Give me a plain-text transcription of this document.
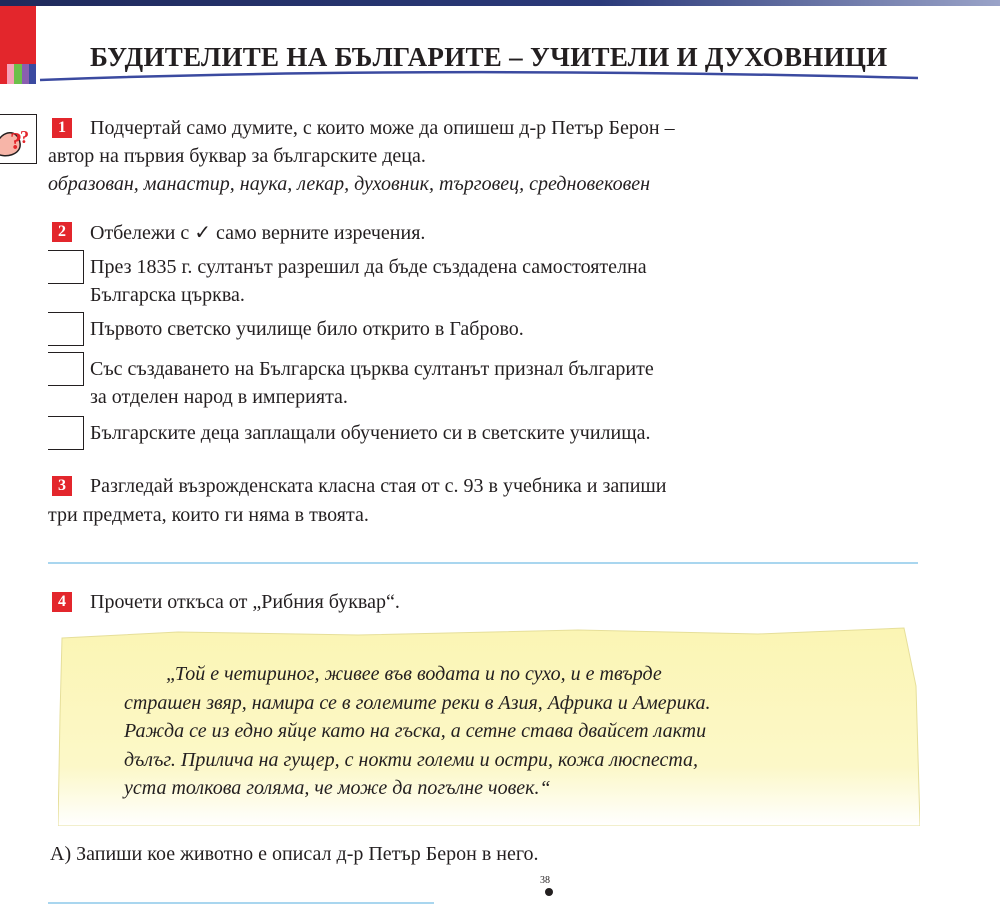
БУДИТЕЛИТЕ НА БЪЛГАРИТЕ – УЧИТЕЛИ И ДУХОВНИЦИ
?
?	1	Подчертай само думите, с които може да опишеш д-р Петър Берон –
автор на първия буквар за българските деца.
образован, манастир, наука, лекар, духовник, търговец, средновековен
2	Отбележи с ✓ само верните изречения.
През 1835 г. султанът разрешил да бъде създадена самостоятелна
Българска църква.
Първото светско училище било открито в Габрово.
Със създаването на Българска църква султанът признал българите
за отделен народ в империята.
Българските деца заплащали обучението си в светските училища.
3	Разгледай възрожденската класна стая от с. 93 в учебника и запиши
три предмета, които ги няма в твоята.
4	Прочети откъса от „Рибния буквар“.
„Той е четириног, живее във водата и по сухо, и е твърде
страшен звяр, намира се в големите реки в Азия, Африка и Америка.
Ражда се из едно яйце като на гъска, а сетне става двайсет лакти
дълъг. Прилича на гущер, с нокти големи и остри, кожа люспеста,
уста толкова голяма, че може да погълне човек.“
А) Запиши кое животно е описал д-р Петър Берон в него.
38
